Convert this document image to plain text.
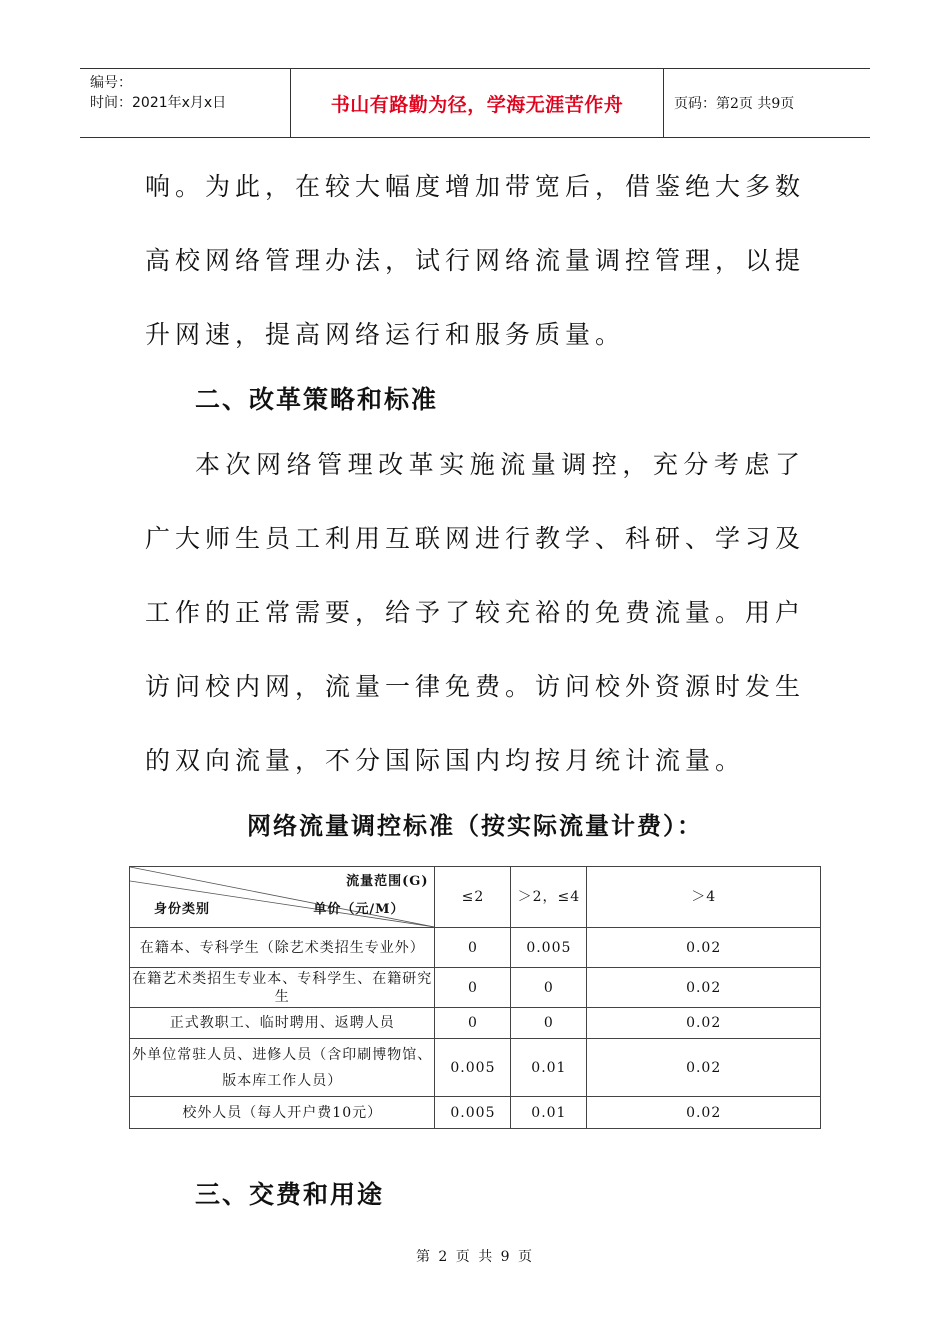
编号：
时间：2021年x月x日	书山有路勤为径，学海无涯苦作舟	页码：第2页 共9页

响。为此，在较大幅度增加带宽后，借鉴绝大多数高校网络管理办法，试行网络流量调控管理，以提升网速，提高网络运行和服务质量。

二、改革策略和标准

本次网络管理改革实施流量调控，充分考虑了广大师生员工利用互联网进行教学、科研、学习及工作的正常需要，给予了较充裕的免费流量。用户访问校内网，流量一律免费。访问校外资源时发生的双向流量，不分国际国内均按月统计流量。

网络流量调控标准（按实际流量计费）：
流量范围(G)
单价（元/M）
身份类别	≤2	＞2，≤4	＞4
在籍本、专科学生（除艺术类招生专业外）	0	0.005	0.02
在籍艺术类招生专业本、专科学生、在籍研究生	0	0	0.02
正式教职工、临时聘用、返聘人员	0	0	0.02
外单位常驻人员、进修人员（含印刷博物馆、版本库工作人员）	0.005	0.01	0.02
校外人员（每人开户费10元）	0.005	0.01	0.02
三、交费和用途
第 2 页 共 9 页
